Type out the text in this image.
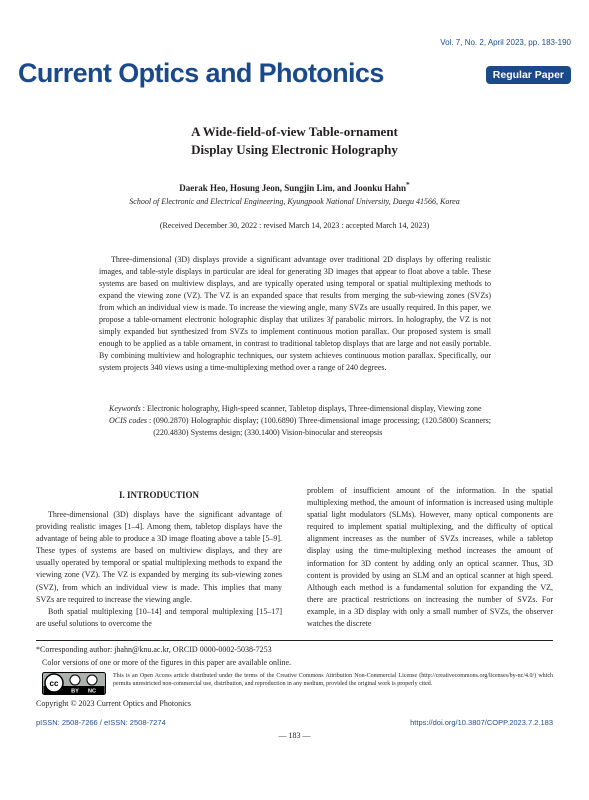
Vol. 7, No. 2, April 2023, pp. 183-190
Current Optics and Photonics	Regular Paper
A Wide-field-of-view Table-ornament
Display Using Electronic Holography
Daerak Heo, Hosung Jeon, Sungjin Lim, and Joonku Hahn*
School of Electronic and Electrical Engineering, Kyungpook National University, Daegu 41566, Korea
(Received December 30, 2022 : revised March 14, 2023 : accepted March 14, 2023)

Three-dimensional (3D) displays provide a significant advantage over traditional 2D displays by offering realistic images, and table-style displays in particular are ideal for generating 3D images that appear to float above a table. These systems are based on multiview displays, and are typically operated using temporal or spatial multiplexing methods to expand the viewing zone (VZ). The VZ is an expanded space that results from merging the sub-viewing zones (SVZs) from which an individual view is made. To increase the viewing angle, many SVZs are usually required. In this paper, we propose a table-ornament electronic holographic display that utilizes 3f parabolic mirrors. In holography, the VZ is not simply expanded but synthesized from SVZs to implement continuous motion parallax. Our proposed system is small enough to be applied as a table ornament, in contrast to traditional tabletop displays that are large and not easily portable. By combining multiview and holographic techniques, our system achieves continuous motion parallax. Specifically, our system projects 340 views using a time-multiplexing method over a range of 240 degrees.

Keywords : Electronic holography, High-speed scanner, Tabletop displays, Three-dimensional display, Viewing zone
OCIS codes : (090.2870) Holographic display; (100.6890) Three-dimensional image processing; (120.5800) Scanners; (220.4830) Systems design; (330.1400) Vision-binocular and stereopsis
I. INTRODUCTION

Three-dimensional (3D) displays have the significant advantage of providing realistic images [1–4]. Among them, tabletop displays have the advantage of being able to produce a 3D image floating above a table [5–9]. These types of systems are based on multiview displays, and they are usually operated by temporal or spatial multiplexing methods to expand the viewing zone (VZ). The VZ is expanded by merging its sub-viewing zones (SVZ), from which an individual view is made. This implies that many SVZs are required to increase the viewing angle.

Both spatial multiplexing [10–14] and temporal multiplexing [15–17] are useful solutions to overcome the

problem of insufficient amount of the information. In the spatial multiplexing method, the amount of information is increased using multiple spatial light modulators (SLMs). However, many optical components are required to implement spatial multiplexing, and the difficulty of optical alignment increases as the number of SVZs increases, while a tabletop display using the time-multiplexing method increases the amount of information for 3D content by adding only an optical scanner. Thus, 3D content is provided by using an SLM and an optical scanner at high speed. Although each method is a fundamental solution for expanding the VZ, there are practical restrictions on increasing the number of SVZs. For example, in a 3D display with only a small number of SVZs, the observer watches the discrete

*Corresponding author: jhahn@knu.ac.kr, ORCID 0000-0002-5038-7253
Color versions of one or more of the figures in this paper are available online.
cc
BY NC
This is an Open Access article distributed under the terms of the Creative Commons Attribution Non-Commercial License (http://creativecommons.org/licenses/by-nc/4.0/) which permits unrestricted non-commercial use, distribution, and reproduction in any medium, provided the original work is properly cited.
Copyright © 2023 Current Optics and Photonics
pISSN: 2508-7266 / eISSN: 2508-7274	https://doi.org/10.3807/COPP.2023.7.2.183
— 183 —
